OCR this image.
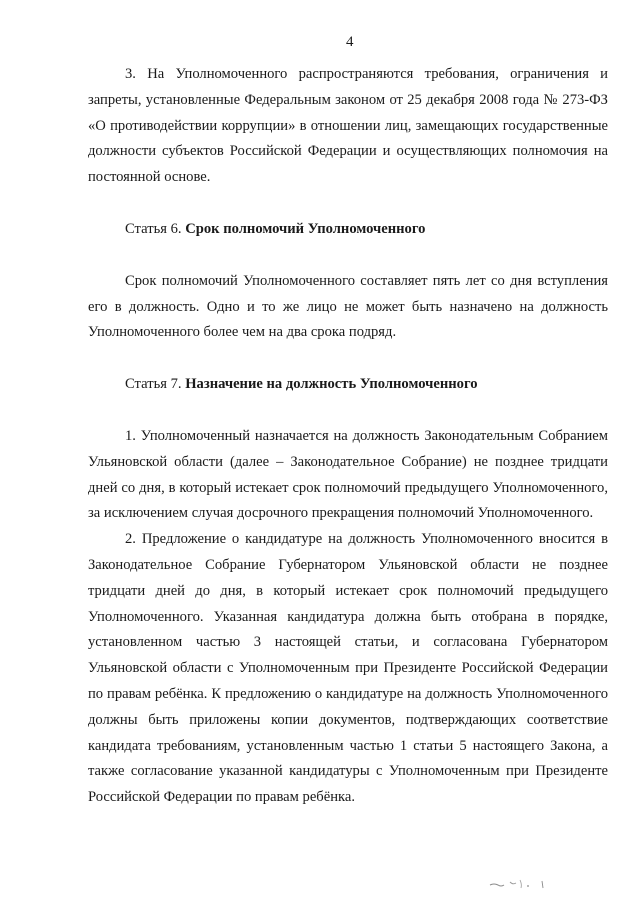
4

3. На Уполномоченного распространяются требования, ограничения и запреты, установленные Федеральным законом от 25 декабря 2008 года № 273-ФЗ «О противодействии коррупции» в отношении лиц, замещающих государственные должности субъектов Российской Федерации и осуществляющих полномочия на постоянной основе.

Статья 6. Срок полномочий Уполномоченного

Срок полномочий Уполномоченного составляет пять лет со дня вступления его в должность. Одно и то же лицо не может быть назначено на должность Уполномоченного более чем на два срока подряд.

Статья 7. Назначение на должность Уполномоченного

1. Уполномоченный назначается на должность Законодательным Собранием Ульяновской области (далее – Законодательное Собрание) не позднее тридцати дней со дня, в который истекает срок полномочий предыдущего Уполномоченного, за исключением случая досрочного прекращения полномочий Уполномоченного.

2. Предложение о кандидатуре на должность Уполномоченного вносится в Законодательное Собрание Губернатором Ульяновской области не позднее тридцати дней до дня, в который истекает срок полномочий предыдущего Уполномоченного. Указанная кандидатура должна быть отобрана в порядке, установленном частью 3 настоящей статьи, и согласована Губернатором Ульяновской области с Уполномоченным при Президенте Российской Федерации по правам ребёнка. К предложению о кандидатуре на должность Уполномоченного должны быть приложены копии документов, подтверждающих соответствие кандидата требованиям, установленным частью 1 статьи 5 настоящего Закона, а также согласование указанной кандидатуры с Уполномоченным при Президенте Российской Федерации по правам ребёнка.
